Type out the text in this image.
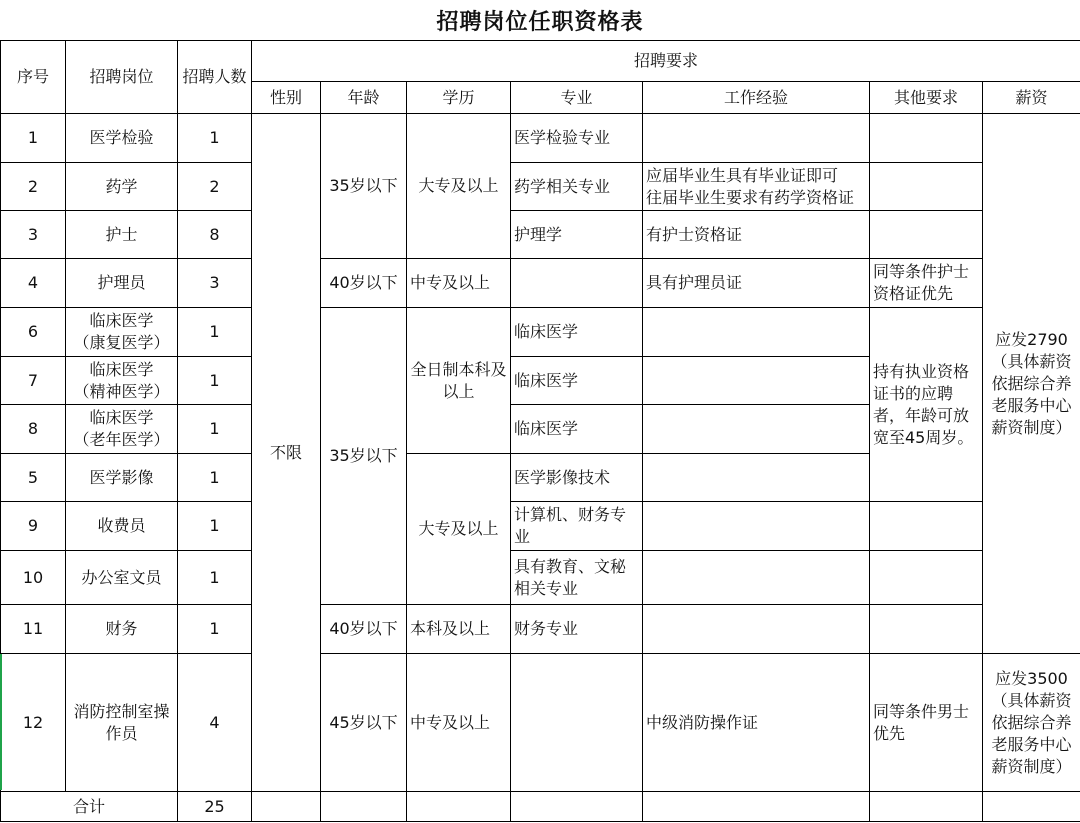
招聘岗位任职资格表
序号	招聘岗位	招聘人数	招聘要求						
			性别	年龄	学历	专业	工作经验	其他要求	薪资
1	医学检验	1	不限	35岁以下	大专及以上	医学检验专业			应发2790（具体薪资依据综合养老服务中心薪资制度）
2	药学	2				药学相关专业	应届毕业生具有毕业证即可
往届毕业生要求有药学资格证		

3	护士	8				护理学	有护士资格证		
4	护理员	3		40岁以下	中专及以上		具有护理员证	同等条件护士资格证优先	
6	临床医学
（康复医学）	1		35岁以下	全日制本科及以上	临床医学		持有执业资格证书的应聘者，年龄可放宽至45周岁。	
7	临床医学
（精神医学）	1				临床医学			
8	临床医学
（老年医学）	1				临床医学			
5	医学影像	1			大专及以上	医学影像技术			
9	收费员	1				计算机、财务专业			
10	办公室文员	1				具有教育、文秘相关专业			
11	财务	1		40岁以下	本科及以上	财务专业			
12	消防控制室操作员	4		45岁以下	中专及以上		中级消防操作证	同等条件男士优先	应发3500（具体薪资依据综合养老服务中心薪资制度）
合计		25							
